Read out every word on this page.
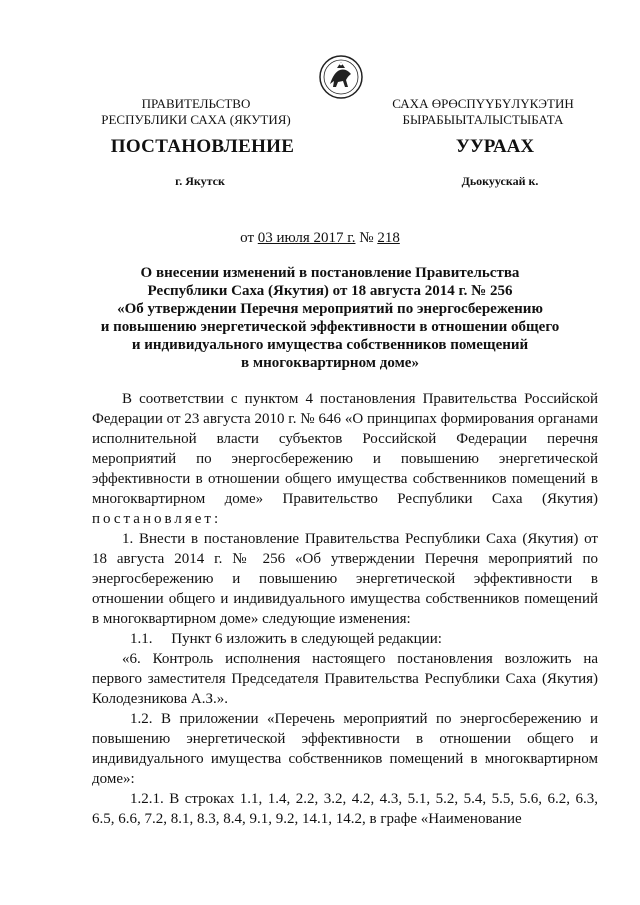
ПРАВИТЕЛЬСТВО
РЕСПУБЛИКИ САХА (ЯКУТИЯ)
САХА ӨРӨСПҮҮБҮЛҮКЭТИН
БЫРАБЫЫТАЛЫСТЫБАТА
ПОСТАНОВЛЕНИЕ	УУРААХ
г. Якутск	Дьокуускай к.
от 03 июля 2017 г. № 218
О внесении изменений в постановление Правительства
Республики Саха (Якутия) от 18 августа 2014 г. № 256
«Об утверждении Перечня мероприятий по энергосбережению
и повышению энергетической эффективности в отношении общего
и индивидуального имущества собственников помещений
в многоквартирном доме»

В соответствии с пунктом 4 постановления Правительства Российской Федерации от 23 августа 2010 г. № 646 «О принципах формирования органами исполнительной власти субъектов Российской Федерации перечня мероприятий по энергосбережению и повышению энергетической эффективности в отношении общего имущества собственников помещений в многоквартирном доме» Правительство Республики Саха (Якутия) постановляет:

1. Внести в постановление Правительства Республики Саха (Якутия) от 18 августа 2014 г. № 256 «Об утверждении Перечня мероприятий по энергосбережению и повышению энергетической эффективности в отношении общего и индивидуального имущества собственников помещений в многоквартирном доме» следующие изменения:

1.1.     Пункт 6 изложить в следующей редакции:

«6. Контроль исполнения настоящего постановления возложить на первого заместителя Председателя Правительства Республики Саха (Якутия) Колодезникова А.З.».

1.2. В приложении «Перечень мероприятий по энергосбережению и повышению энергетической эффективности в отношении общего и индивидуального имущества собственников помещений в многоквартирном доме»:

1.2.1. В строках 1.1, 1.4, 2.2, 3.2, 4.2, 4.3, 5.1, 5.2, 5.4, 5.5, 5.6, 6.2, 6.3, 6.5, 6.6, 7.2, 8.1, 8.3, 8.4, 9.1, 9.2, 14.1, 14.2, в графе «Наименование
